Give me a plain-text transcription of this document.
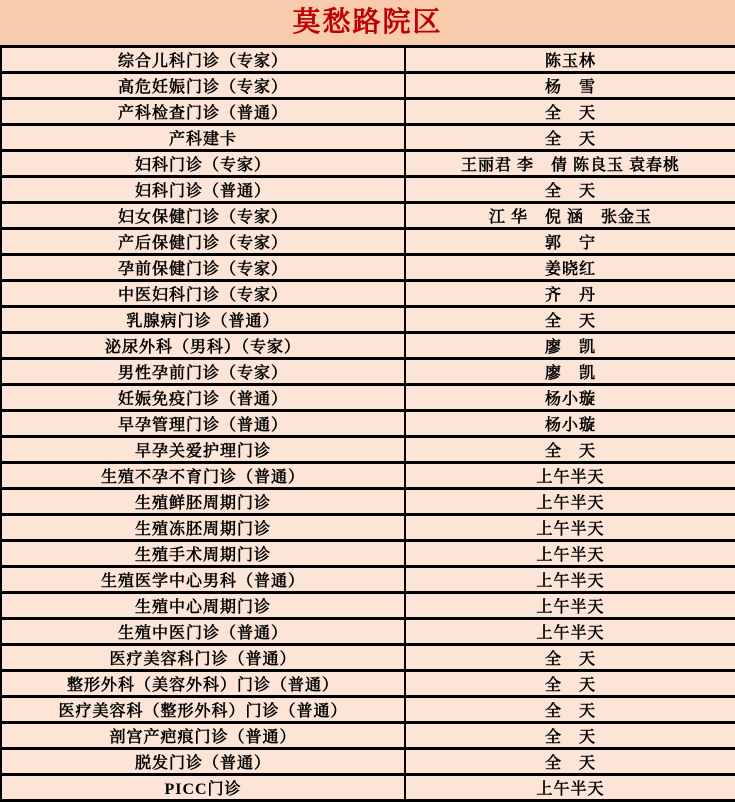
莫愁路院区
综合儿科门诊（专家）	陈玉林
高危妊娠门诊（专家）	杨　雪
产科检查门诊（普通）	全　天
产科建卡	全　天
妇科门诊（专家）	王丽君 李　倩 陈良玉 袁春桃
妇科门诊（普通）	全　天
妇女保健门诊（专家）	江 华　倪 涵　张金玉
产后保健门诊（专家）	郭　宁
孕前保健门诊（专家）	姜晓红
中医妇科门诊（专家）	齐　丹
乳腺病门诊（普通）	全　天
泌尿外科（男科）（专家）	廖　凯
男性孕前门诊（专家）	廖　凯
妊娠免疫门诊（普通）	杨小璇
早孕管理门诊（普通）	杨小璇
早孕关爱护理门诊	全　天
生殖不孕不育门诊（普通）	上午半天
生殖鲜胚周期门诊	上午半天
生殖冻胚周期门诊	上午半天
生殖手术周期门诊	上午半天
生殖医学中心男科（普通）	上午半天
生殖中心周期门诊	上午半天
生殖中医门诊（普通）	上午半天
医疗美容科门诊（普通）	全　天
整形外科（美容外科）门诊（普通）	全　天
医疗美容科（整形外科）门诊（普通）	全　天
剖宫产疤痕门诊（普通）	全　天
脱发门诊（普通）	全　天
PICC门诊	上午半天
